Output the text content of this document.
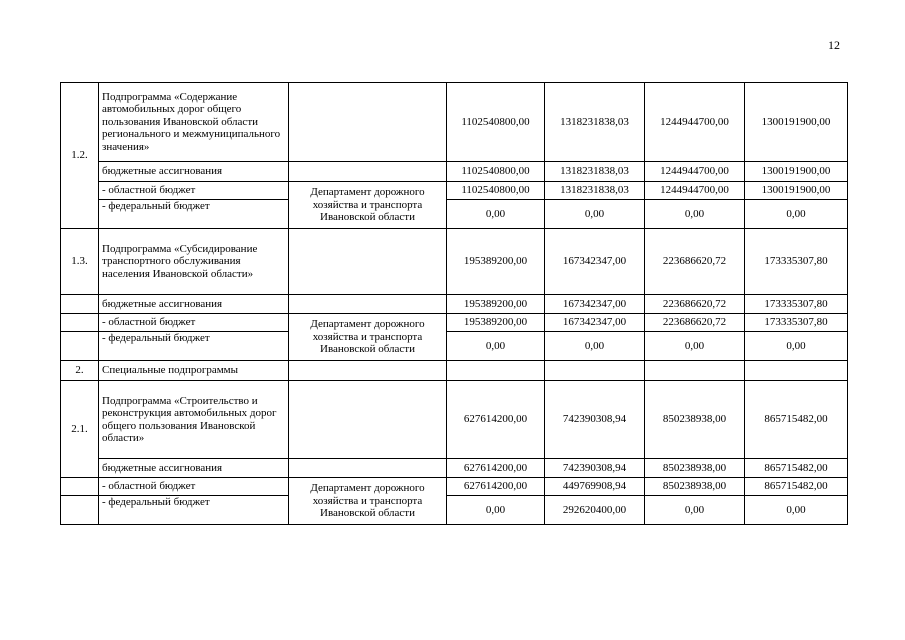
12
1.2.	Подпрограмма «Содержание автомобильных дорог общего пользования Ивановской области регионального и межмуниципального значения»		1102540800,00	1318231838,03	1244944700,00	1300191900,00
	бюджетные ассигнования		1102540800,00	1318231838,03	1244944700,00	1300191900,00
	- областной бюджет	Департамент дорожного хозяйства и транспорта Ивановской области	1102540800,00	1318231838,03	1244944700,00	1300191900,00
	- федеральный бюджет		0,00	0,00	0,00	0,00
1.3.	Подпрограмма «Субсидирование транспортного обслуживания населения Ивановской области»		195389200,00	167342347,00	223686620,72	173335307,80
	бюджетные ассигнования		195389200,00	167342347,00	223686620,72	173335307,80
	- областной бюджет	Департамент дорожного хозяйства и транспорта Ивановской области	195389200,00	167342347,00	223686620,72	173335307,80
	- федеральный бюджет		0,00	0,00	0,00	0,00
2.	Специальные подпрограммы					
2.1.	Подпрограмма «Строительство и реконструкция автомобильных дорог общего пользования Ивановской области»		627614200,00	742390308,94	850238938,00	865715482,00
	бюджетные ассигнования		627614200,00	742390308,94	850238938,00	865715482,00
	- областной бюджет	Департамент дорожного хозяйства и транспорта Ивановской области	627614200,00	449769908,94	850238938,00	865715482,00
	- федеральный бюджет		0,00	292620400,00	0,00	0,00
